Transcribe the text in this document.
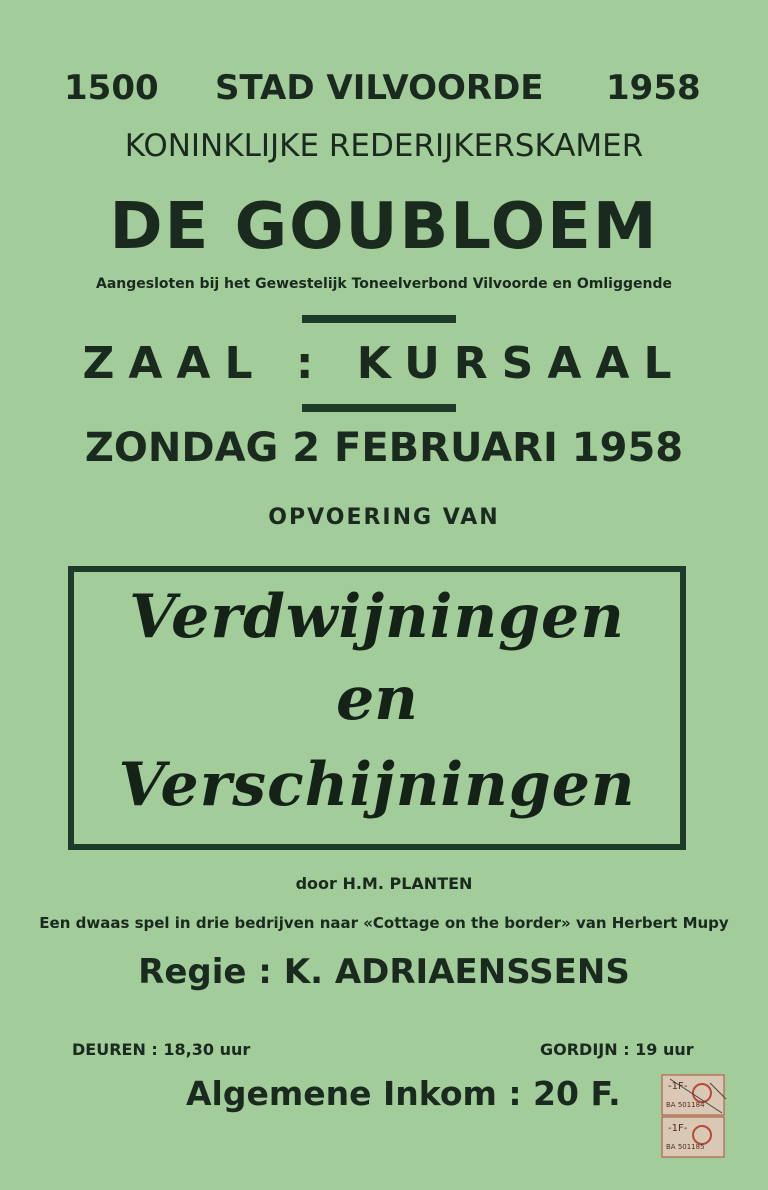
1500 STAD VILVOORDE 1958
KONINKLIJKE REDERIJKERSKAMER
DE GOUBLOEM
Aangesloten bij het Gewestelijk Toneelverbond Vilvoorde en Omliggende
ZAAL : KURSAAL
ZONDAG 2 FEBRUARI 1958
OPVOERING VAN
Verdwijningen
en
Verschijningen
door H.M. PLANTEN
Een dwaas spel in drie bedrijven naar «Cottage on the border» van Herbert Mupy
Regie : K. ADRIAENSSENS
DEUREN : 18,30 uur	GORDIJN : 19 uur
Algemene Inkom : 20 F.	-1F-
BA 501184
-1F-
BA 501185
